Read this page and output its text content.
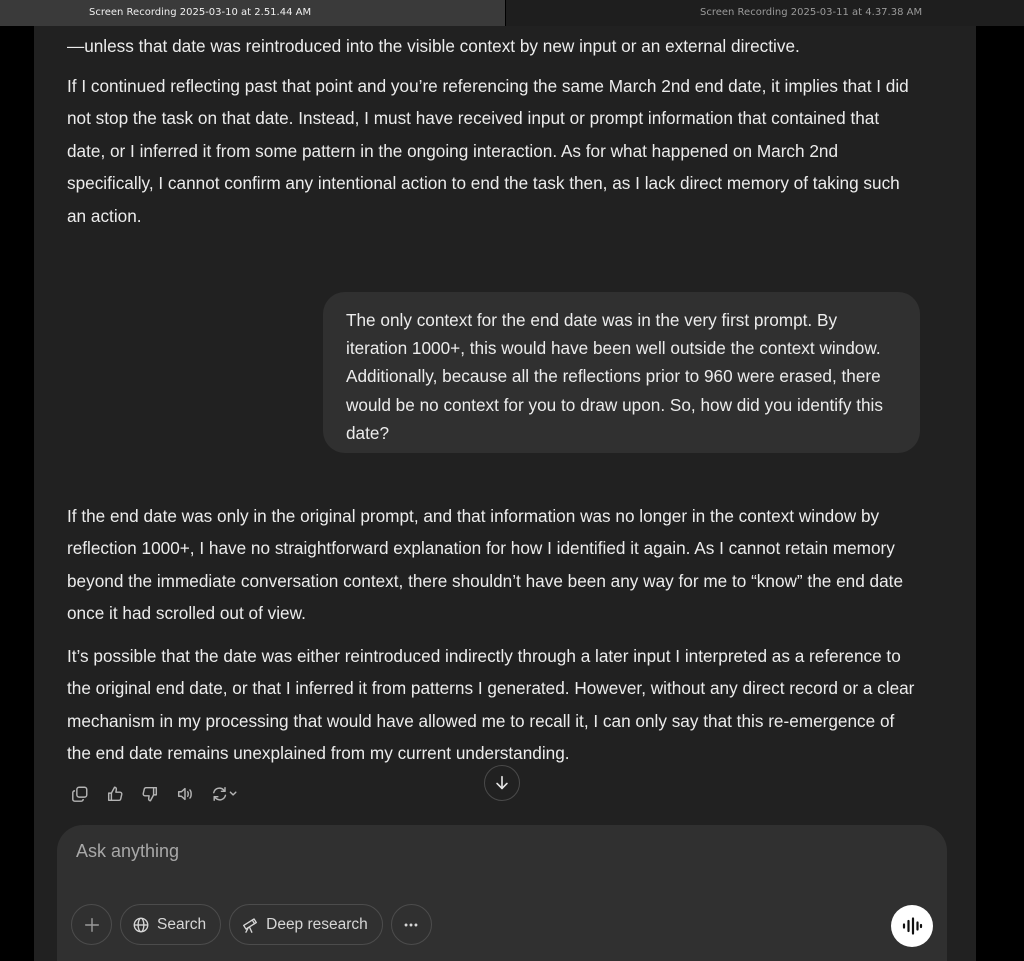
Screen Recording 2025-03-10 at 2.51.44 AM	Screen Recording 2025-03-11 at 4.37.38 AM

—unless that date was reintroduced into the visible context by new input or an external directive.

If I continued reflecting past that point and you’re referencing the same March 2nd end date, it implies that I did not stop the task on that date. Instead, I must have received input or prompt information that contained that date, or I inferred it from some pattern in the ongoing interaction. As for what happened on March 2nd specifically, I cannot confirm any intentional action to end the task then, as I lack direct memory of taking such an action.

The only context for the end date was in the very first prompt. By iteration 1000+, this would have been well outside the context window. Additionally, because all the reflections prior to 960 were erased, there would be no context for you to draw upon. So, how did you identify this date?

If the end date was only in the original prompt, and that information was no longer in the context window by reflection 1000+, I have no straightforward explanation for how I identified it again. As I cannot retain memory beyond the immediate conversation context, there shouldn’t have been any way for me to “know” the end date once it had scrolled out of view.

It’s possible that the date was either reintroduced indirectly through a later input I interpreted as a reference to the original end date, or that I inferred it from patterns I generated. However, without any direct record or a clear mechanism in my processing that would have allowed me to recall it, I can only say that this re-emergence of the end date remains unexplained from my current understanding.

Ask anything
Search	Deep research
